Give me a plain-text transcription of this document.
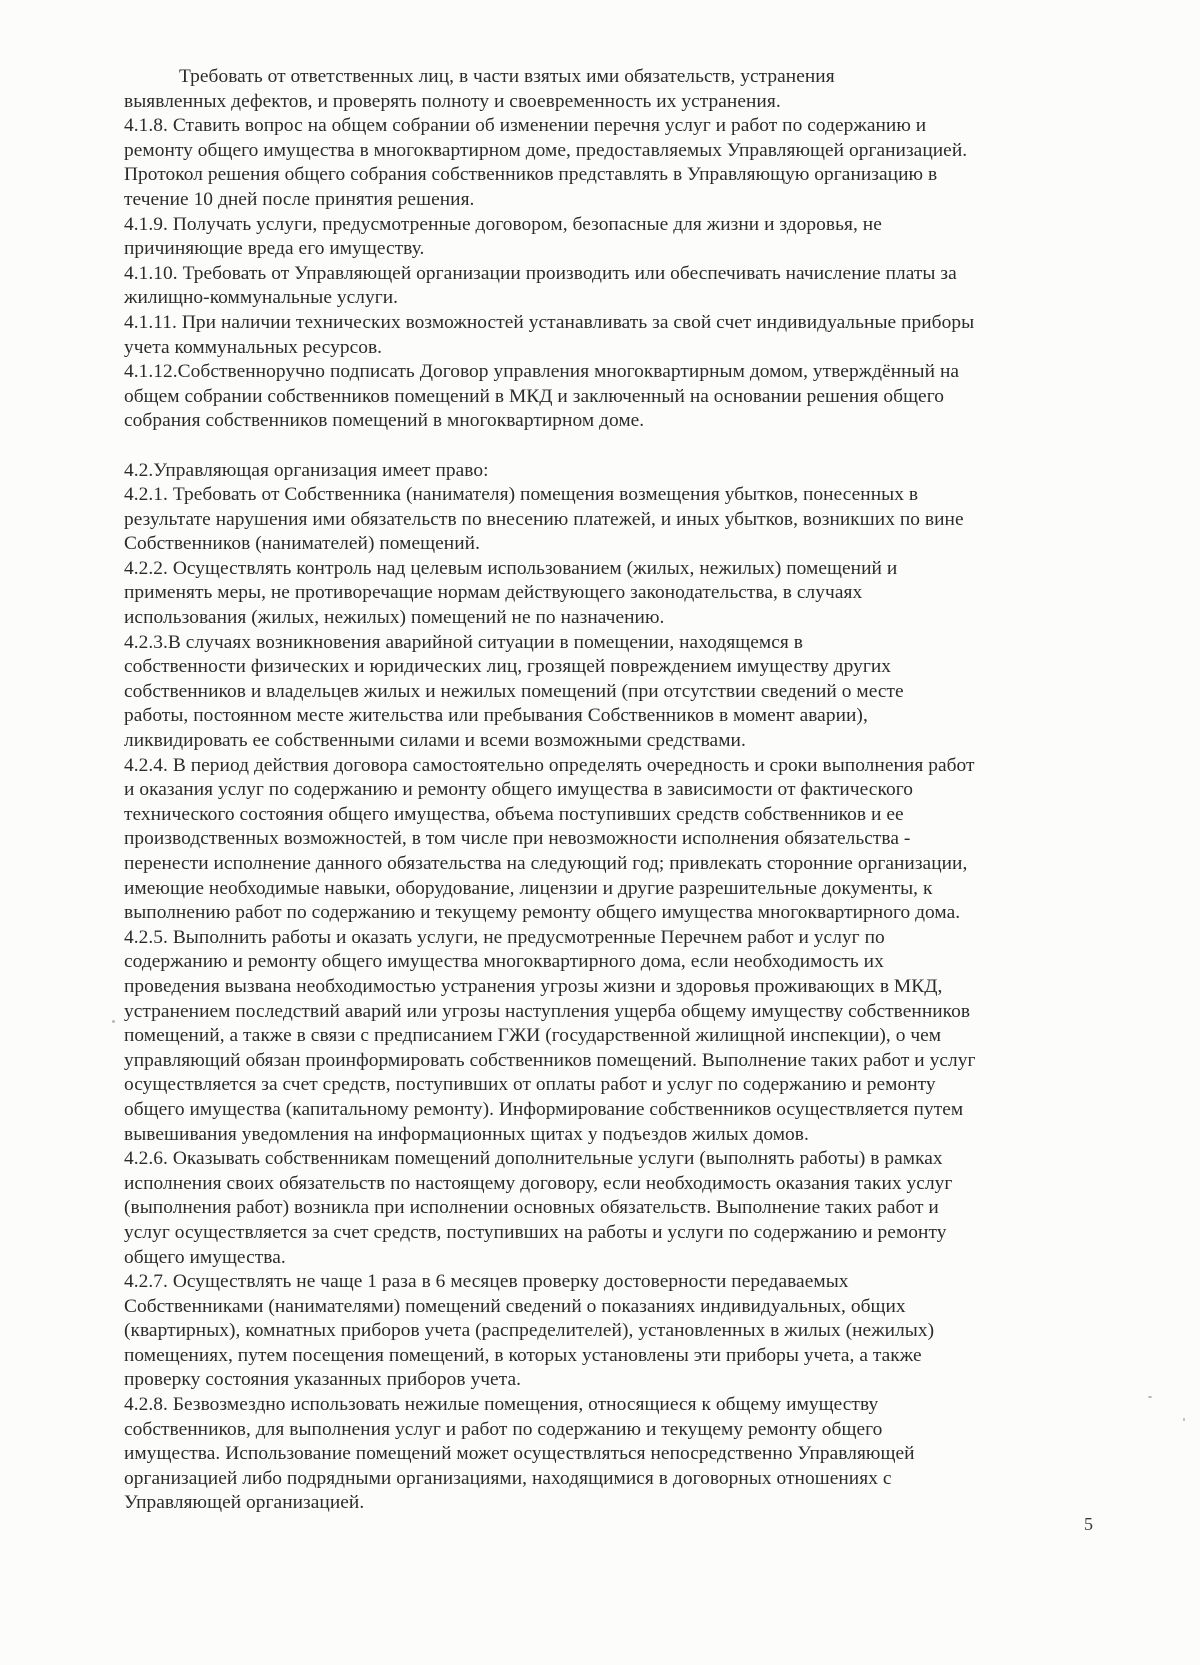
Требовать от ответственных лиц, в части взятых ими обязательств, устранения
выявленных дефектов, и проверять полноту и своевременность их устранения.
4.1.8. Ставить вопрос на общем собрании об изменении перечня услуг и работ по содержанию и
ремонту общего имущества в многоквартирном доме, предоставляемых Управляющей организацией.
Протокол решения общего собрания собственников представлять в Управляющую организацию в
течение 10 дней после принятия решения.
4.1.9. Получать услуги, предусмотренные договором, безопасные для жизни и здоровья, не
причиняющие вреда его имуществу.
4.1.10. Требовать от Управляющей организации производить или обеспечивать начисление платы за
жилищно-коммунальные услуги.
4.1.11. При наличии технических возможностей устанавливать за свой счет индивидуальные приборы
учета коммунальных ресурсов.
4.1.12.Собственноручно подписать Договор управления многоквартирным домом, утверждённый на
общем собрании собственников помещений в МКД и заключенный на основании решения общего
собрания собственников помещений в многоквартирном доме.
4.2.Управляющая организация имеет право:
4.2.1. Требовать от Собственника (нанимателя) помещения возмещения убытков, понесенных в
результате нарушения ими обязательств по внесению платежей, и иных убытков, возникших по вине
Собственников (нанимателей) помещений.
4.2.2. Осуществлять контроль над целевым использованием (жилых, нежилых) помещений и
применять меры, не противоречащие нормам действующего законодательства, в случаях
использования (жилых, нежилых) помещений не по назначению.
4.2.3.В случаях возникновения аварийной ситуации в помещении, находящемся в
собственности физических и юридических лиц, грозящей повреждением имуществу других
собственников и владельцев жилых и нежилых помещений (при отсутствии сведений о месте
работы, постоянном месте жительства или пребывания Собственников в момент аварии),
ликвидировать ее собственными силами и всеми возможными средствами.
4.2.4. В период действия договора самостоятельно определять очередность и сроки выполнения работ
и оказания услуг по содержанию и ремонту общего имущества в зависимости от фактического
технического состояния общего имущества, объема поступивших средств собственников и ее
производственных возможностей, в том числе при невозможности исполнения обязательства -
перенести исполнение данного обязательства на следующий год; привлекать сторонние организации,
имеющие необходимые навыки, оборудование, лицензии и другие разрешительные документы, к
выполнению работ по содержанию и текущему ремонту общего имущества многоквартирного дома.
4.2.5. Выполнить работы и оказать услуги, не предусмотренные Перечнем работ и услуг по
содержанию и ремонту общего имущества многоквартирного дома, если необходимость их
проведения вызвана необходимостью устранения угрозы жизни и здоровья проживающих в МКД,
устранением последствий аварий или угрозы наступления ущерба общему имуществу собственников
помещений, а также в связи с предписанием ГЖИ (государственной жилищной инспекции), о чем
управляющий обязан проинформировать собственников помещений. Выполнение таких работ и услуг
осуществляется за счет средств, поступивших от оплаты работ и услуг по содержанию и ремонту
общего имущества (капитальному ремонту). Информирование собственников осуществляется путем
вывешивания уведомления на информационных щитах у подъездов жилых домов.
4.2.6. Оказывать собственникам помещений дополнительные услуги (выполнять работы) в рамках
исполнения своих обязательств по настоящему договору, если необходимость оказания таких услуг
(выполнения работ) возникла при исполнении основных обязательств. Выполнение таких работ и
услуг осуществляется за счет средств, поступивших на работы и услуги по содержанию и ремонту
общего имущества.
4.2.7. Осуществлять не чаще 1 раза в 6 месяцев проверку достоверности передаваемых
Собственниками (нанимателями) помещений сведений о показаниях индивидуальных, общих
(квартирных), комнатных приборов учета (распределителей), установленных в жилых (нежилых)
помещениях, путем посещения помещений, в которых установлены эти приборы учета, а также
проверку состояния указанных приборов учета.
4.2.8. Безвозмездно использовать нежилые помещения, относящиеся к общему имуществу
собственников, для выполнения услуг и работ по содержанию и текущему ремонту общего
имущества. Использование помещений может осуществляться непосредственно Управляющей
организацией либо подрядными организациями, находящимися в договорных отношениях с
Управляющей организацией.
5
